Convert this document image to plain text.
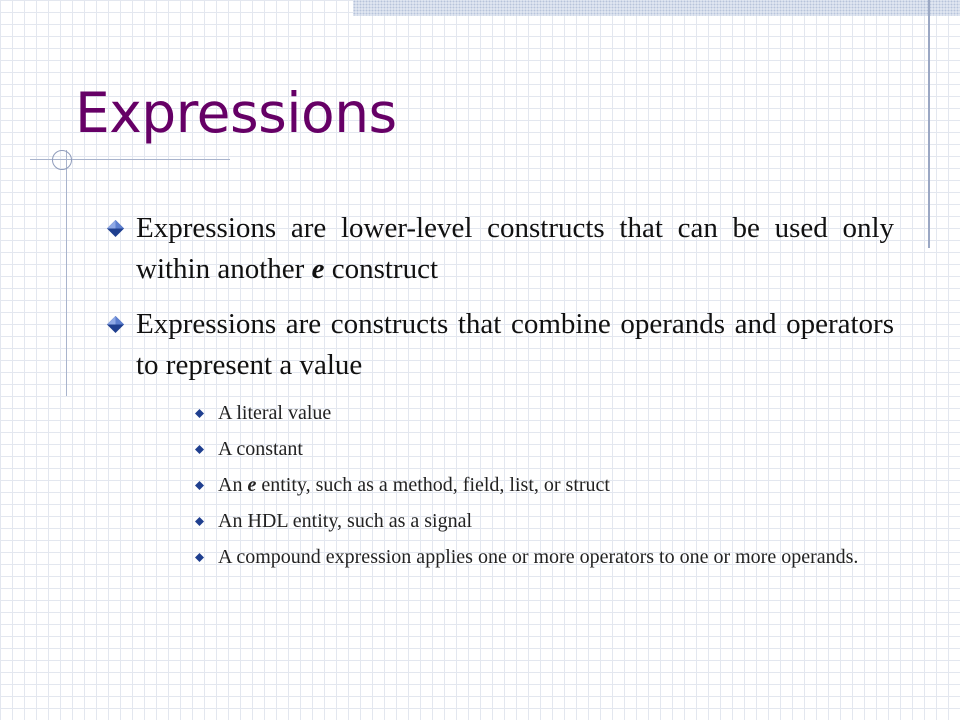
Expressions
Expressions are lower-level constructs that can be used only within another e construct
Expressions are constructs that combine operands and operators to represent a value
A literal value
A constant
An e entity, such as a method, field, list, or struct
An HDL entity, such as a signal
A compound expression applies one or more operators to one or more operands.
